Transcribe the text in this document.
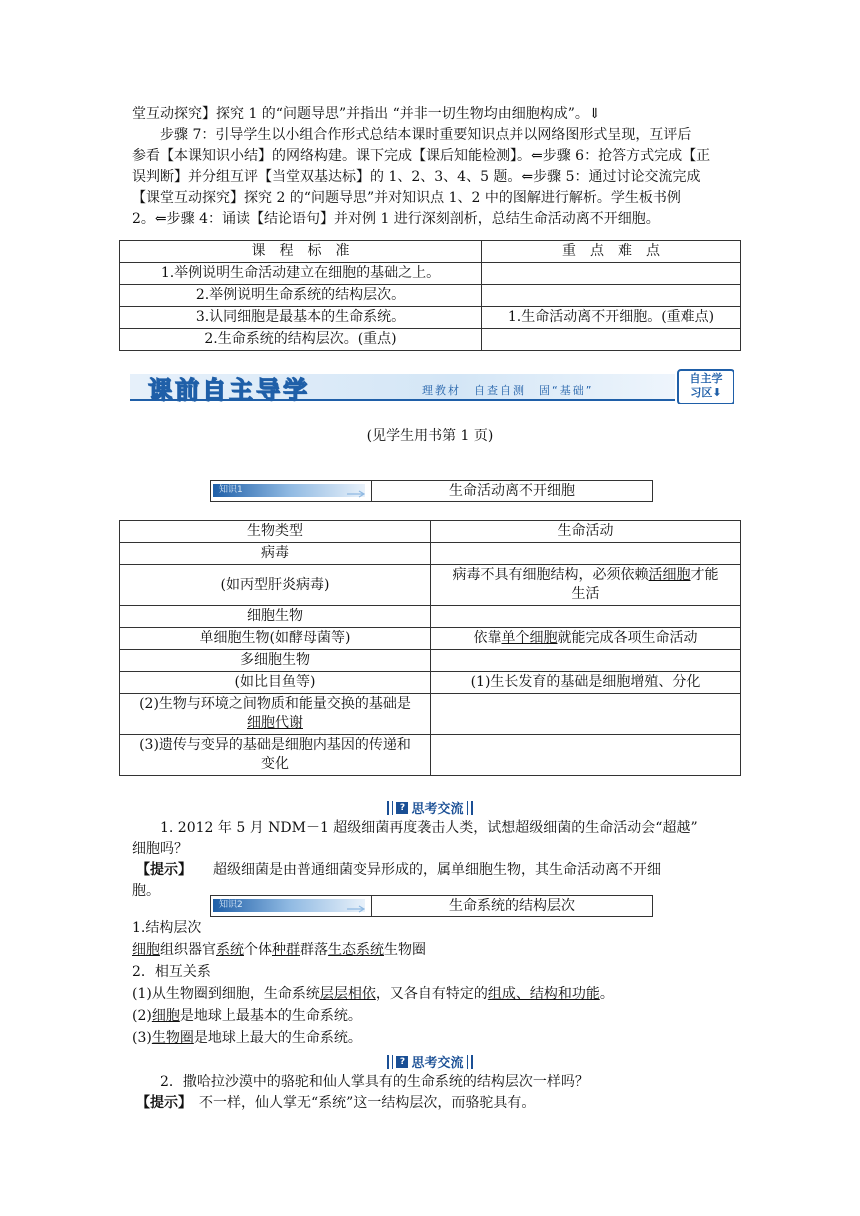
堂互动探究】探究 1 的“问题导思”并指出 “并非一切生物均由细胞构成”。⇓
步骤 7：引导学生以小组合作形式总结本课时重要知识点并以网络图形式呈现，互评后
参看【本课知识小结】的网络构建。课下完成【课后知能检测】。⇐步骤 6：抢答方式完成【正
误判断】并分组互评【当堂双基达标】的 1、2、3、4、5 题。⇐步骤 5：通过讨论交流完成
【课堂互动探究】探究 2 的“问题导思”并对知识点 1、2 中的图解进行解析。学生板书例
2。⇐步骤 4：诵读【结论语句】并对例 1 进行深刻剖析，总结生命活动离不开细胞。
课　程　标　准	重　点　难　点
1.举例说明生命活动建立在细胞的基础之上。	
2.举例说明生命系统的结构层次。	
3.认同细胞是最基本的生命系统。	1.生命活动离不开细胞。(重难点)
2.生命系统的结构层次。(重点)	
课前自主导学	理教材　自查自测　固“基础”
自主学
习区⬇
(见学生用书第 1 页)
知识1	生命活动离不开细胞
生物类型	生命活动
病毒	
(如丙型肝炎病毒)	病毒不具有细胞结构，必须依赖活细胞才能
生活
细胞生物	
单细胞生物(如酵母菌等)	依靠单个细胞就能完成各项生命活动
多细胞生物	
(如比目鱼等)	(1)生长发育的基础是细胞增殖、分化
(2)生物与环境之间物质和能量交换的基础是
细胞代谢	
(3)遗传与变异的基础是细胞内基因的传递和
变化	
? 思考交流
1. 2012 年 5 月 NDM－1 超级细菌再度袭击人类，试想超级细菌的生命活动会“超越”
细胞吗？
【提示】　　 超级细菌是由普通细菌变异形成的，属单细胞生物，其生命活动离不开细
胞。
知识2	生命系统的结构层次
1.结构层次
细胞组织器官系统个体种群群落生态系统生物圈
2．相互关系
(1)从生物圈到细胞，生命系统层层相依，又各自有特定的组成、结构和功能。
(2)细胞是地球上最基本的生命系统。
(3)生物圈是地球上最大的生命系统。
? 思考交流
2．撒哈拉沙漠中的骆驼和仙人掌具有的生命系统的结构层次一样吗？
【提示】　 不一样，仙人掌无“系统”这一结构层次，而骆驼具有。
